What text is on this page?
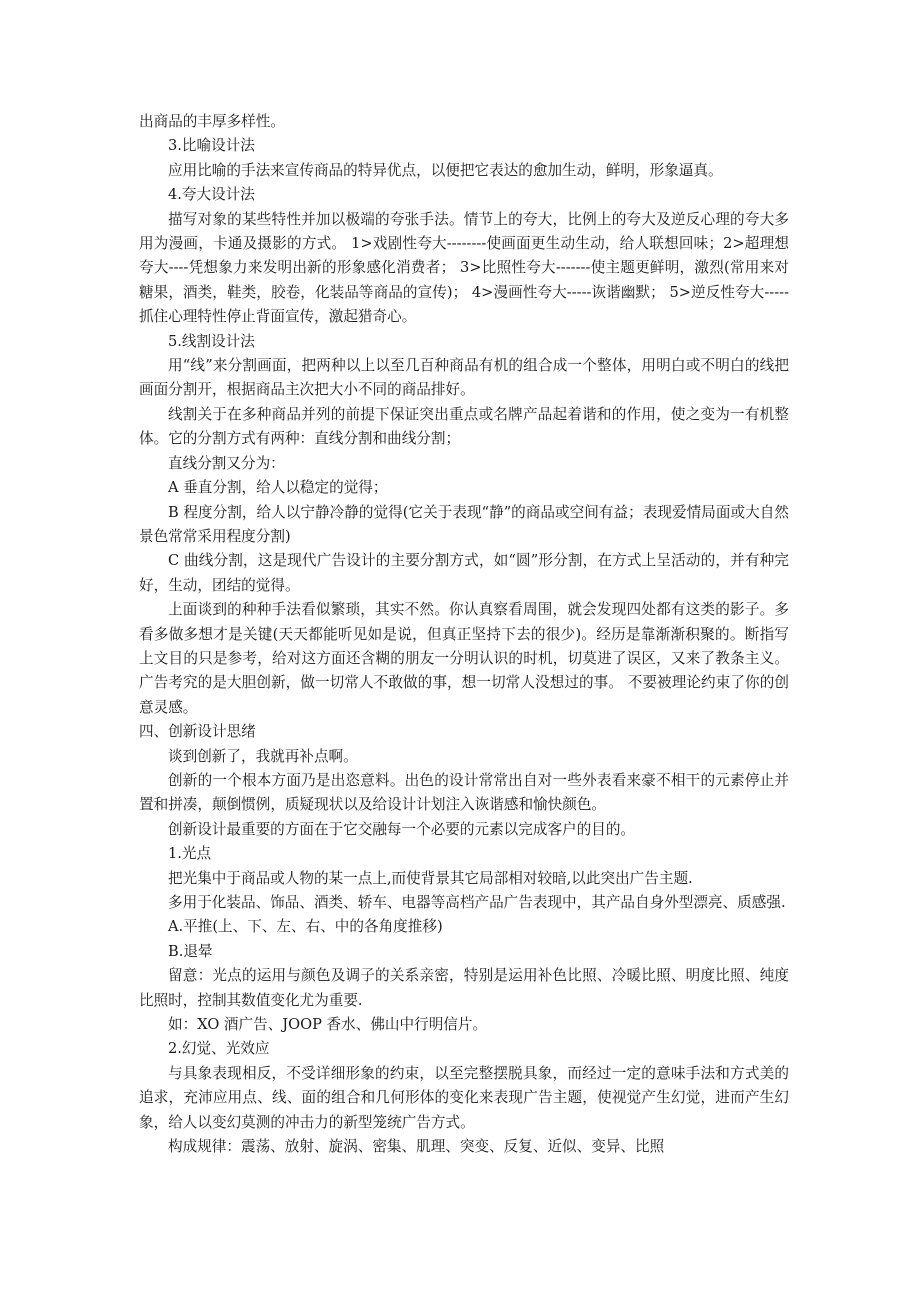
出商品的丰厚多样性。

3.比喻设计法

应用比喻的手法来宣传商品的特异优点，以便把它表达的愈加生动，鲜明，形象逼真。

4.夸大设计法

描写对象的某些特性并加以极端的夸张手法。情节上的夸大，比例上的夸大及逆反心理的夸大多用为漫画，卡通及摄影的方式。 1>戏剧性夸大--------使画面更生动生动，给人联想回味；2>超理想夸大----凭想象力来发明出新的形象感化消费者； 3>比照性夸大-------使主题更鲜明，激烈(常用来对糖果，酒类，鞋类，胶卷，化装品等商品的宣传)； 4>漫画性夸大-----诙谐幽默； 5>逆反性夸大-----抓住心理特性停止背面宣传，激起猎奇心。

5.线割设计法

用“线”来分割画面，把两种以上以至几百种商品有机的组合成一个整体，用明白或不明白的线把画面分割开，根据商品主次把大小不同的商品排好。

线割关于在多种商品并列的前提下保证突出重点或名牌产品起着谐和的作用，使之变为一有机整体。它的分割方式有两种：直线分割和曲线分割；

直线分割又分为：

A 垂直分割，给人以稳定的觉得；

B 程度分割，给人以宁静冷静的觉得(它关于表现“静”的商品或空间有益；表现爱情局面或大自然景色常常采用程度分割)

C 曲线分割，这是现代广告设计的主要分割方式，如“圆”形分割，在方式上呈活动的，并有种完好，生动，团结的觉得。

上面谈到的种种手法看似繁琐，其实不然。你认真察看周围，就会发现四处都有这类的影子。多看多做多想才是关键(天天都能听见如是说，但真正坚持下去的很少)。经历是靠渐渐积聚的。断指写上文目的只是参考，给对这方面还含糊的朋友一分明认识的时机，切莫进了误区，又来了教条主义。广告考究的是大胆创新，做一切常人不敢做的事，想一切常人没想过的事。 不要被理论约束了你的创意灵感。

四、创新设计思绪

谈到创新了，我就再补点啊。

创新的一个根本方面乃是出恣意料。出色的设计常常出自对一些外表看来豪不相干的元素停止并置和拼凑，颠倒惯例，质疑现状以及给设计计划注入诙谐感和愉快颜色。

创新设计最重要的方面在于它交融每一个必要的元素以完成客户的目的。

1.光点

把光集中于商品或人物的某一点上,而使背景其它局部相对较暗,以此突出广告主题.

多用于化装品、饰品、酒类、轿车、电器等高档产品广告表现中，其产品自身外型漂亮、质感强.

A.平推(上、下、左、右、中的各角度推移)

B.退晕

留意：光点的运用与颜色及调子的关系亲密，特别是运用补色比照、冷暖比照、明度比照、纯度比照时，控制其数值变化尤为重要.

如：XO 酒广告、JOOP 香水、佛山中行明信片。

2.幻觉、光效应

与具象表现相反，不受详细形象的约束，以至完整摆脱具象，而经过一定的意味手法和方式美的追求，充沛应用点、线、面的组合和几何形体的变化来表现广告主题，使视觉产生幻觉，进而产生幻象，给人以变幻莫测的冲击力的新型笼统广告方式。

构成规律：震荡、放射、旋涡、密集、肌理、突变、反复、近似、变异、比照
